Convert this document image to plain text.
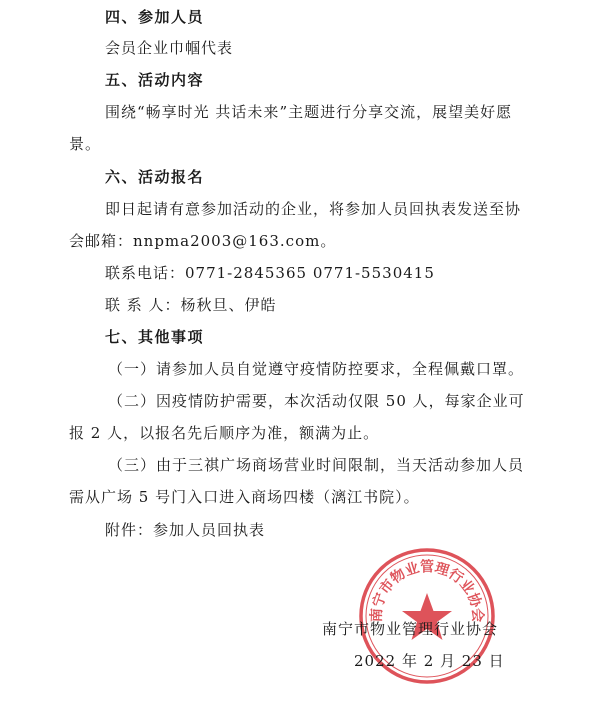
四、参加人员
会员企业巾帼代表
五、活动内容
围绕“畅享时光 共话未来”主题进行分享交流，展望美好愿
景。
六、活动报名
即日起请有意参加活动的企业，将参加人员回执表发送至协
会邮箱：nnpma2003@163.com。
联系电话：0771-2845365 0771-5530415
联 系 人：杨秋旦、伊皓
七、其他事项
（一）请参加人员自觉遵守疫情防控要求，全程佩戴口罩。
（二）因疫情防护需要，本次活动仅限 50 人，每家企业可
报 2 人，以报名先后顺序为准，额满为止。
（三）由于三祺广场商场营业时间限制，当天活动参加人员
需从广场 5 号门入口进入商场四楼（漓江书院）。
附件：参加人员回执表
南宁市物业管理行业协会
南宁市物业管理行业协会
2022 年 2 月 23 日
